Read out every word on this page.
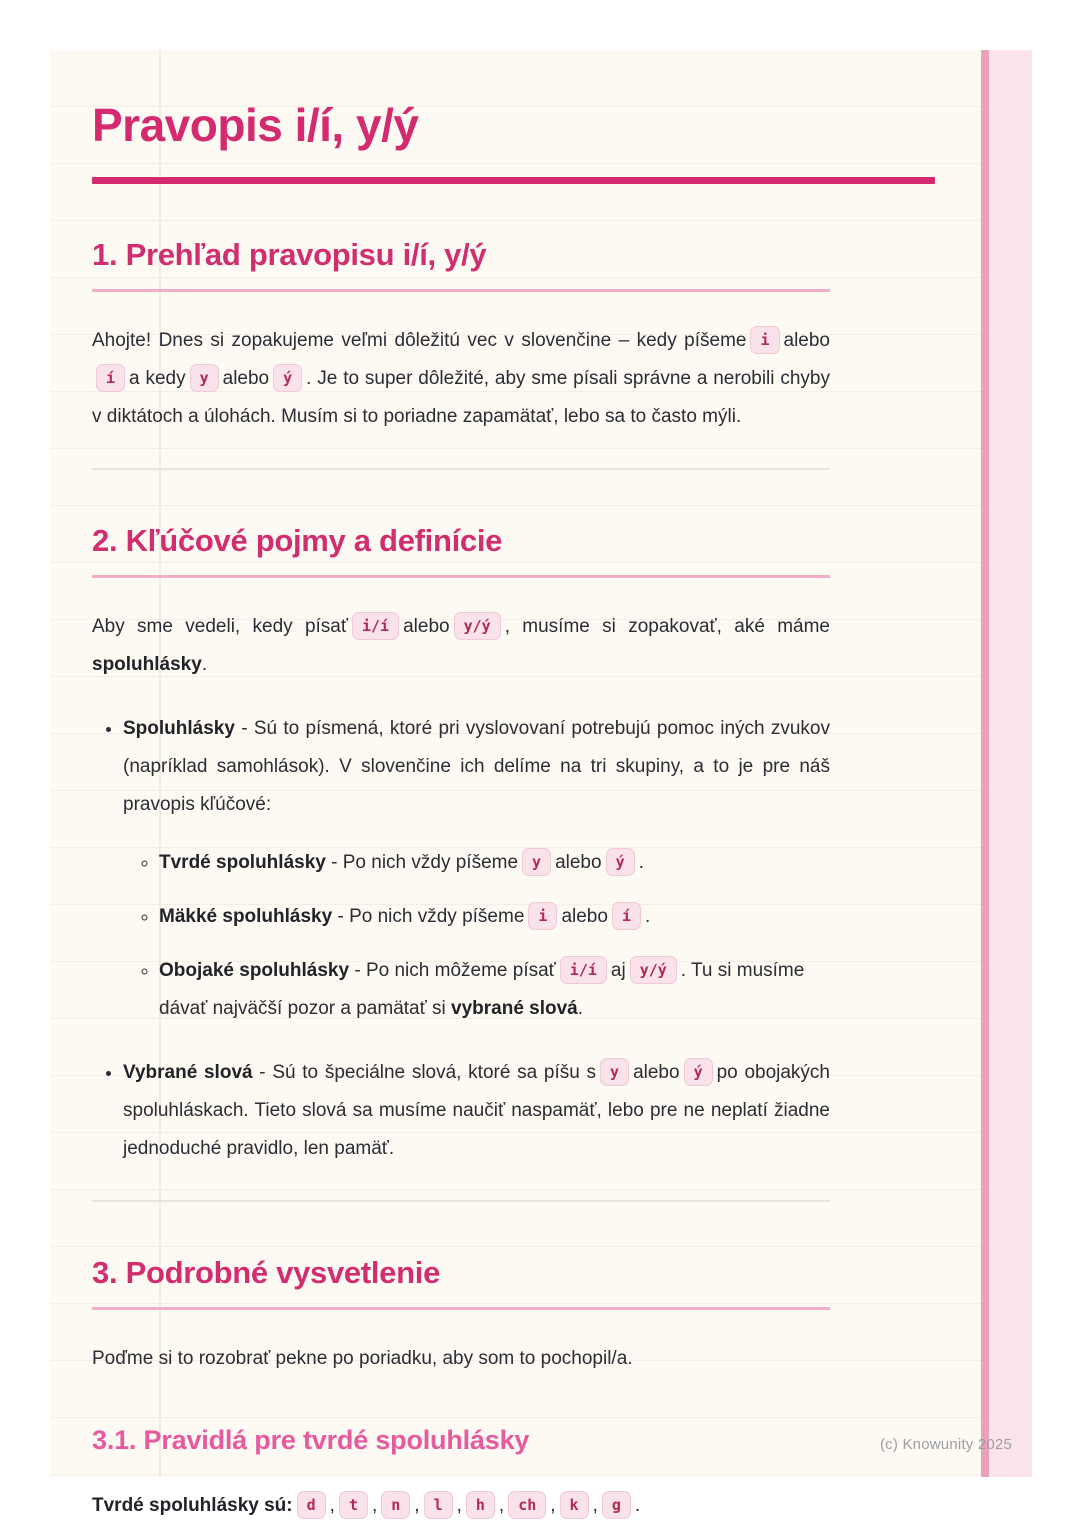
Pravopis i/í, y/ý
1. Prehľad pravopisu i/í, y/ý

Ahojte! Dnes si zopakujeme veľmi dôležitú vec v slovenčine – kedy píšeme i aleboí a kedy y alebo ý . Je to super dôležité, aby sme písali správne a nerobili chyby v diktátoch a úlohách. Musím si to poriadne zapamätať, lebo sa to často mýli.

2. Kľúčové pojmy a definície

Aby sme vedeli, kedy písať i/í alebo y/ý , musíme si zopakovať, aké máme spoluhlásky.

• Spoluhlásky - Sú to písmená, ktoré pri vyslovovaní potrebujú pomoc iných zvukov (napríklad samohlások). V slovenčine ich delíme na tri skupiny, a to je pre náš pravopis kľúčové:
◦ Tvrdé spoluhlásky - Po nich vždy píšeme y alebo ý .
◦ Mäkké spoluhlásky - Po nich vždy píšeme i alebo í .
◦ Obojaké spoluhlásky - Po nich môžeme písať i/í aj y/ý . Tu si musíme dávať najväčší pozor a pamätať si vybrané slová.
• Vybrané slová - Sú to špeciálne slová, ktoré sa píšu s y alebo ý po obojakých spoluhláskach. Tieto slová sa musíme naučiť naspamäť, lebo pre ne neplatí žiadne jednoduché pravidlo, len pamäť.
3. Podrobné vysvetlenie

Poďme si to rozobrať pekne po poriadku, aby som to pochopil/a.

3.1. Pravidlá pre tvrdé spoluhlásky

Tvrdé spoluhlásky sú: d , t , n , l , h , ch , k , g .

(c) Knowunity 2025
